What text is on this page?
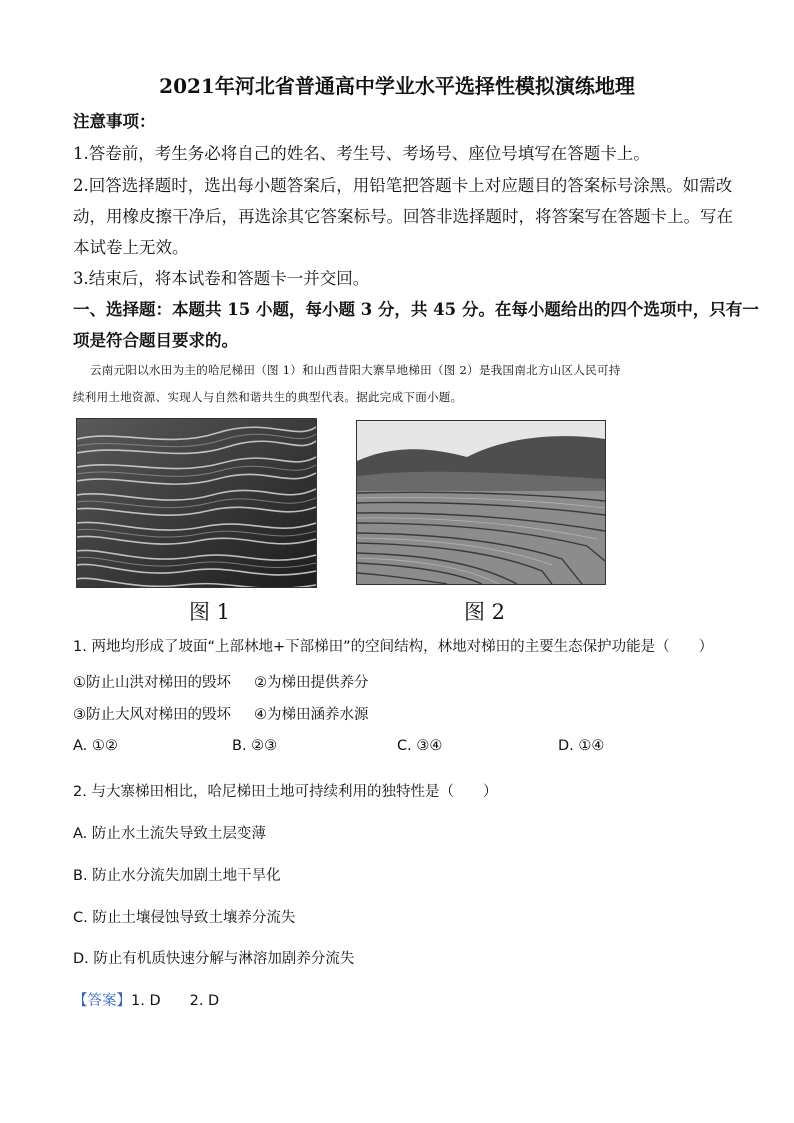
2021年河北省普通高中学业水平选择性模拟演练地理
注意事项：
1.答卷前，考生务必将自己的姓名、考生号、考场号、座位号填写在答题卡上。
2.回答选择题时，选出每小题答案后，用铅笔把答题卡上对应题目的答案标号涂黑。如需改
动，用橡皮擦干净后，再选涂其它答案标号。回答非选择题时，将答案写在答题卡上。写在
本试卷上无效。
3.结束后，将本试卷和答题卡一并交回。
一、选择题：本题共 15 小题，每小题 3 分，共 45 分。在每小题给出的四个选项中，只有一
项是符合题目要求的。
云南元阳以水田为主的哈尼梯田（图 1）和山西昔阳大寨旱地梯田（图 2）是我国南北方山区人民可持
续利用土地资源、实现人与自然和谐共生的典型代表。据此完成下面小题。
图 1	图 2
1. 两地均形成了坡面“上部林地+下部梯田”的空间结构，林地对梯田的主要生态保护功能是（　　）
①防止山洪对梯田的毁坏 ②为梯田提供养分
③防止大风对梯田的毁坏 ④为梯田涵养水源
A. ①②	B. ②③	C. ③④	D. ①④
2. 与大寨梯田相比，哈尼梯田土地可持续利用的独特性是（　　）
A. 防止水土流失导致土层变薄
B. 防止水分流失加剧土地干旱化
C. 防止土壤侵蚀导致土壤养分流失
D. 防止有机质快速分解与淋溶加剧养分流失
【答案】1. D　　2. D
